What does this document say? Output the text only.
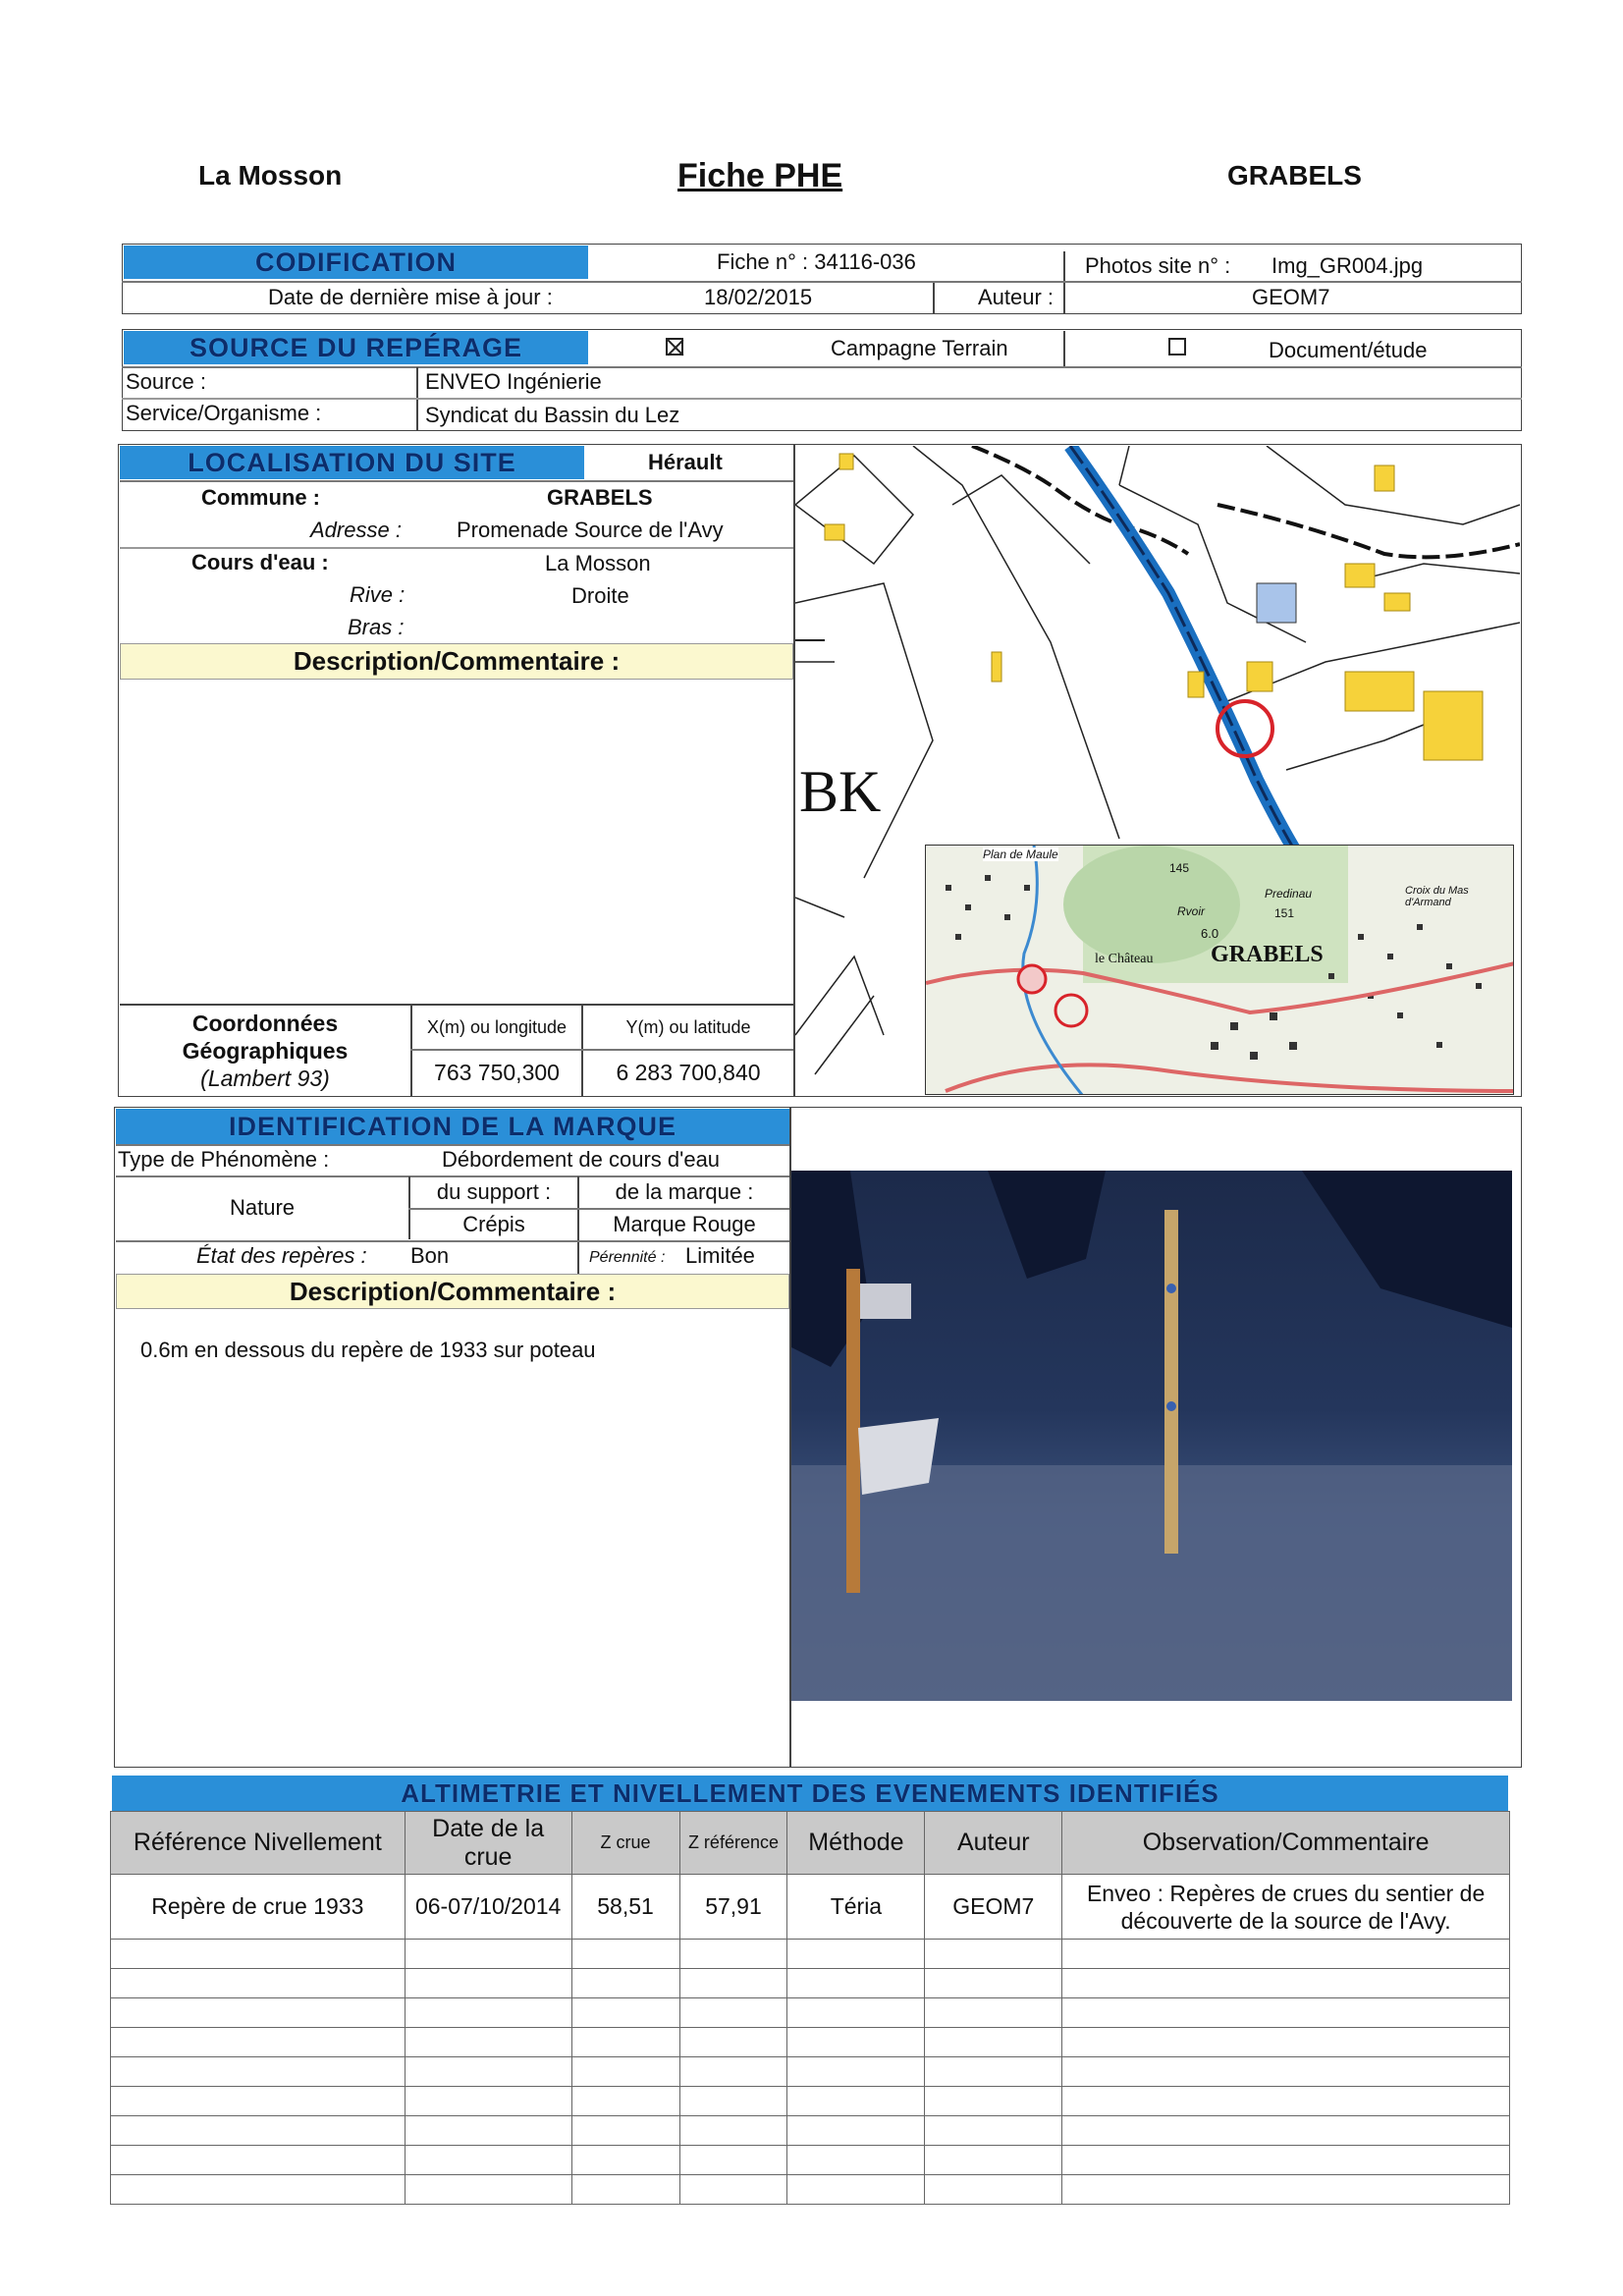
La Mosson	Fiche PHE	GRABELS
CODIFICATION	Fiche n° : 34116-036	Photos site n° : Img_GR004.jpg
Date de dernière mise à jour :	18/02/2015	Auteur :	GEOM7
SOURCE DU REPÉRAGE
	Campagne Terrain	Document/étude
Source :	ENVEO Ingénierie
Service/Organisme :	Syndicat du Bassin du Lez
LOCALISATION DU SITE	Hérault
Commune :	GRABELS
Adresse :	Promenade Source de l'Avy
Cours d'eau :	La Mosson
Rive :	Droite
Bras :
Description/Commentaire :
Coordonnées
Géographiques
(Lambert 93)
X(m) ou longitude	Y(m) ou latitude
763 750,300	6 283 700,840
BK
Plan de Maule
le Château GRABELS
Croix du Mas d'Armand
Predinau
Rvoir
145
151
6.0
IDENTIFICATION DE LA MARQUE
Type de Phénomène :	Débordement de cours d'eau
Nature
du support :	de la marque :
Crépis	Marque Rouge
État des repères : Bon	Pérennité : Limitée
Description/Commentaire :
0.6m en dessous du repère de 1933 sur poteau
ALTIMETRIE ET NIVELLEMENT DES EVENEMENTS IDENTIFIÉS
Référence Nivellement	Date de la crue	Z crue	Z référence	Méthode	Auteur	Observation/Commentaire
Repère de crue 1933	06-07/10/2014	58,51	57,91	Téria	GEOM7	Enveo : Repères de crues du sentier de découverte de la source de l'Avy.
